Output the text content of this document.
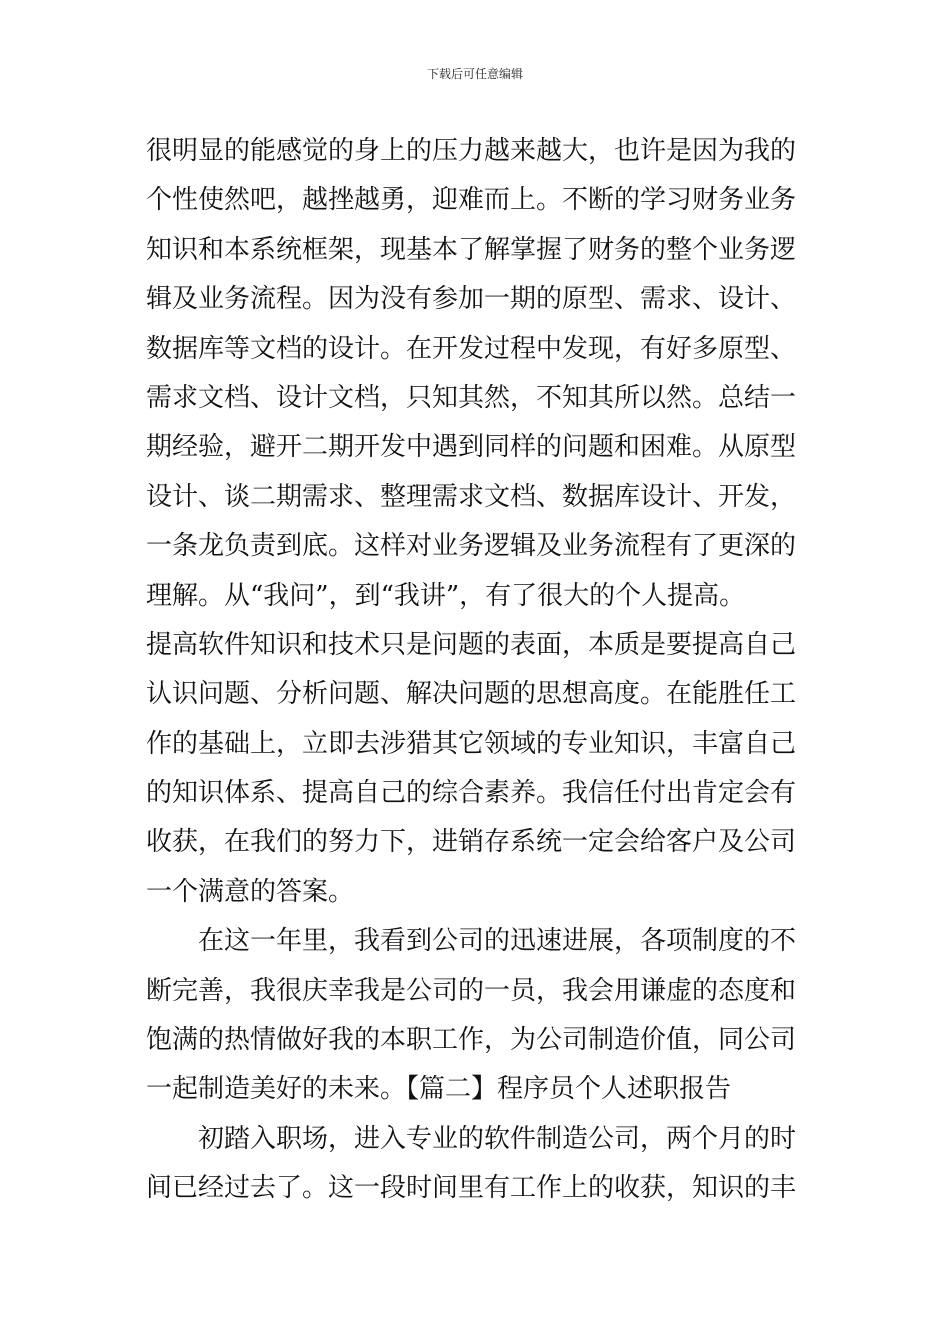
下载后可任意编辑
很明显的能感觉的身上的压力越来越大，也许是因为我的
个性使然吧，越挫越勇，迎难而上。不断的学习财务业务
知识和本系统框架，现基本了解掌握了财务的整个业务逻
辑及业务流程。因为没有参加一期的原型、需求、设计、
数据库等文档的设计。在开发过程中发现，有好多原型、
需求文档、设计文档，只知其然，不知其所以然。总结一
期经验，避开二期开发中遇到同样的问题和困难。从原型
设计、谈二期需求、整理需求文档、数据库设计、开发，
一条龙负责到底。这样对业务逻辑及业务流程有了更深的
理解。从“我问”，到“我讲”，有了很大的个人提高。
提高软件知识和技术只是问题的表面，本质是要提高自己
认识问题、分析问题、解决问题的思想高度。在能胜任工
作的基础上，立即去涉猎其它领域的专业知识，丰富自己
的知识体系、提高自己的综合素养。我信任付出肯定会有
收获，在我们的努力下，进销存系统一定会给客户及公司
一个满意的答案。
在这一年里，我看到公司的迅速进展，各项制度的不
断完善，我很庆幸我是公司的一员，我会用谦虚的态度和
饱满的热情做好我的本职工作，为公司制造价值，同公司
一起制造美好的未来。【篇二】程序员个人述职报告
初踏入职场，进入专业的软件制造公司，两个月的时
间已经过去了。这一段时间里有工作上的收获，知识的丰
